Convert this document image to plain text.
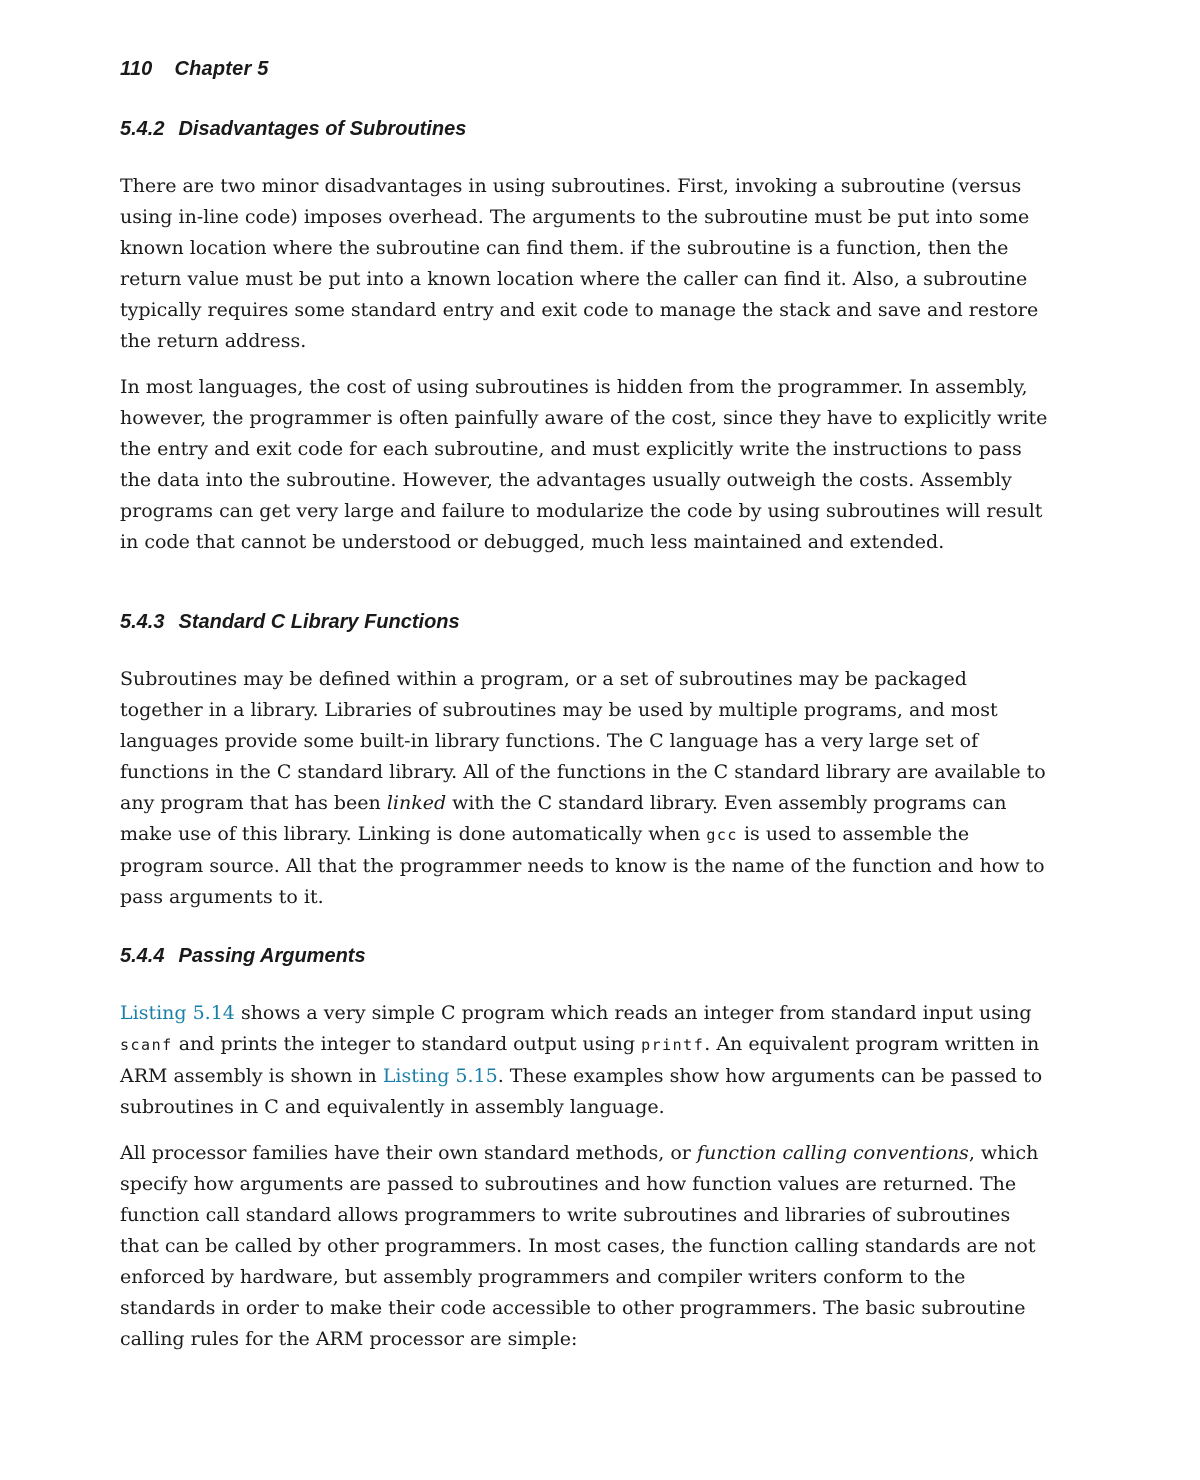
110 Chapter 5
5.4.2 Disadvantages of Subroutines

There are two minor disadvantages in using subroutines. First, invoking a subroutine (versus using in-line code) imposes overhead. The arguments to the subroutine must be put into some known location where the subroutine can find them. if the subroutine is a function, then the return value must be put into a known location where the caller can find it. Also, a subroutine typically requires some standard entry and exit code to manage the stack and save and restore the return address.

In most languages, the cost of using subroutines is hidden from the programmer. In assembly, however, the programmer is often painfully aware of the cost, since they have to explicitly write the entry and exit code for each subroutine, and must explicitly write the instructions to pass the data into the subroutine. However, the advantages usually outweigh the costs. Assembly programs can get very large and failure to modularize the code by using subroutines will result in code that cannot be understood or debugged, much less maintained and extended.

5.4.3 Standard C Library Functions

Subroutines may be defined within a program, or a set of subroutines may be packaged together in a library. Libraries of subroutines may be used by multiple programs, and most languages provide some built-in library functions. The C language has a very large set of functions in the C standard library. All of the functions in the C standard library are available to any program that has been linked with the C standard library. Even assembly programs can make use of this library. Linking is done automatically when gcc is used to assemble the program source. All that the programmer needs to know is the name of the function and how to pass arguments to it.

5.4.4 Passing Arguments

Listing 5.14 shows a very simple C program which reads an integer from standard input using scanf and prints the integer to standard output using printf. An equivalent program written in ARM assembly is shown in Listing 5.15. These examples show how arguments can be passed to subroutines in C and equivalently in assembly language.

All processor families have their own standard methods, or function calling conventions, which specify how arguments are passed to subroutines and how function values are returned. The function call standard allows programmers to write subroutines and libraries of subroutines that can be called by other programmers. In most cases, the function calling standards are not enforced by hardware, but assembly programmers and compiler writers conform to the standards in order to make their code accessible to other programmers. The basic subroutine calling rules for the ARM processor are simple:
